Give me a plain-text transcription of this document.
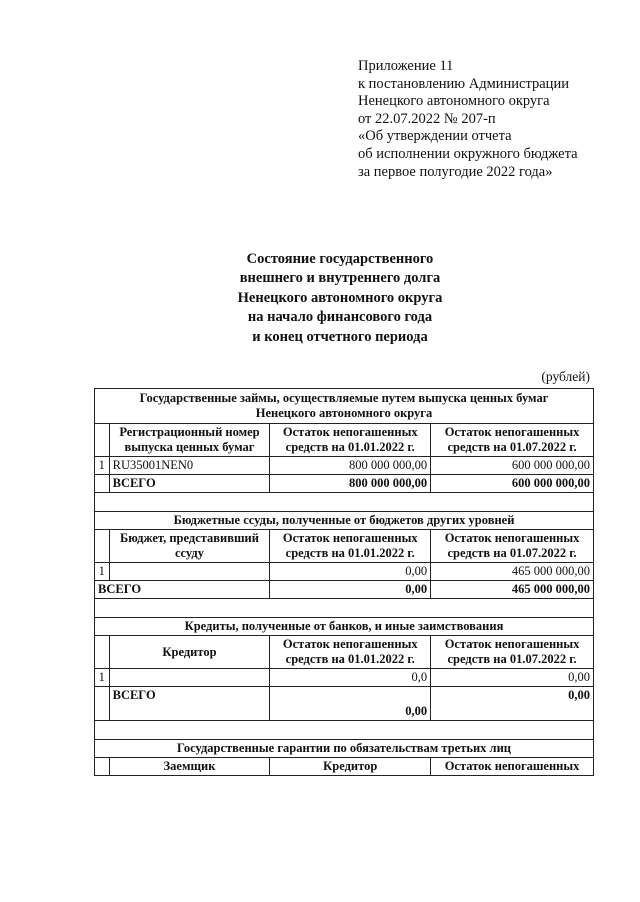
Приложение 11
к постановлению Администрации
Ненецкого автономного округа
от 22.07.2022 № 207-п
«Об утверждении отчета
об исполнении окружного бюджета
за первое полугодие 2022 года»
Состояние государственного
внешнего и внутреннего долга
Ненецкого автономного округа
на начало финансового года
и конец отчетного периода
(рублей)
Государственные займы, осуществляемые путем выпуска ценных бумаг
Ненецкого автономного округа			

	Регистрационный номер выпуска ценных бумаг	Остаток непогашенных средств на 01.01.2022 г.	Остаток непогашенных средств на 01.07.2022 г.
1	RU35001NEN0	800 000 000,00	600 000 000,00
	ВСЕГО	800 000 000,00	600 000 000,00

Бюджетные ссуды, полученные от бюджетов других уровней			
	Бюджет, представивший ссуду	Остаток непогашенных средств на 01.01.2022 г.	Остаток непогашенных средств на 01.07.2022 г.
1		0,00	465 000 000,00
ВСЕГО		0,00	465 000 000,00

Кредиты, полученные от банков, и иные заимствования			
	Кредитор	Остаток непогашенных средств на 01.01.2022 г.	Остаток непогашенных средств на 01.07.2022 г.
1		0,0	0,00
	ВСЕГО	0,00	0,00

Государственные гарантии по обязательствам третьих лиц			
	Заемщик	Кредитор	Остаток непогашенных
